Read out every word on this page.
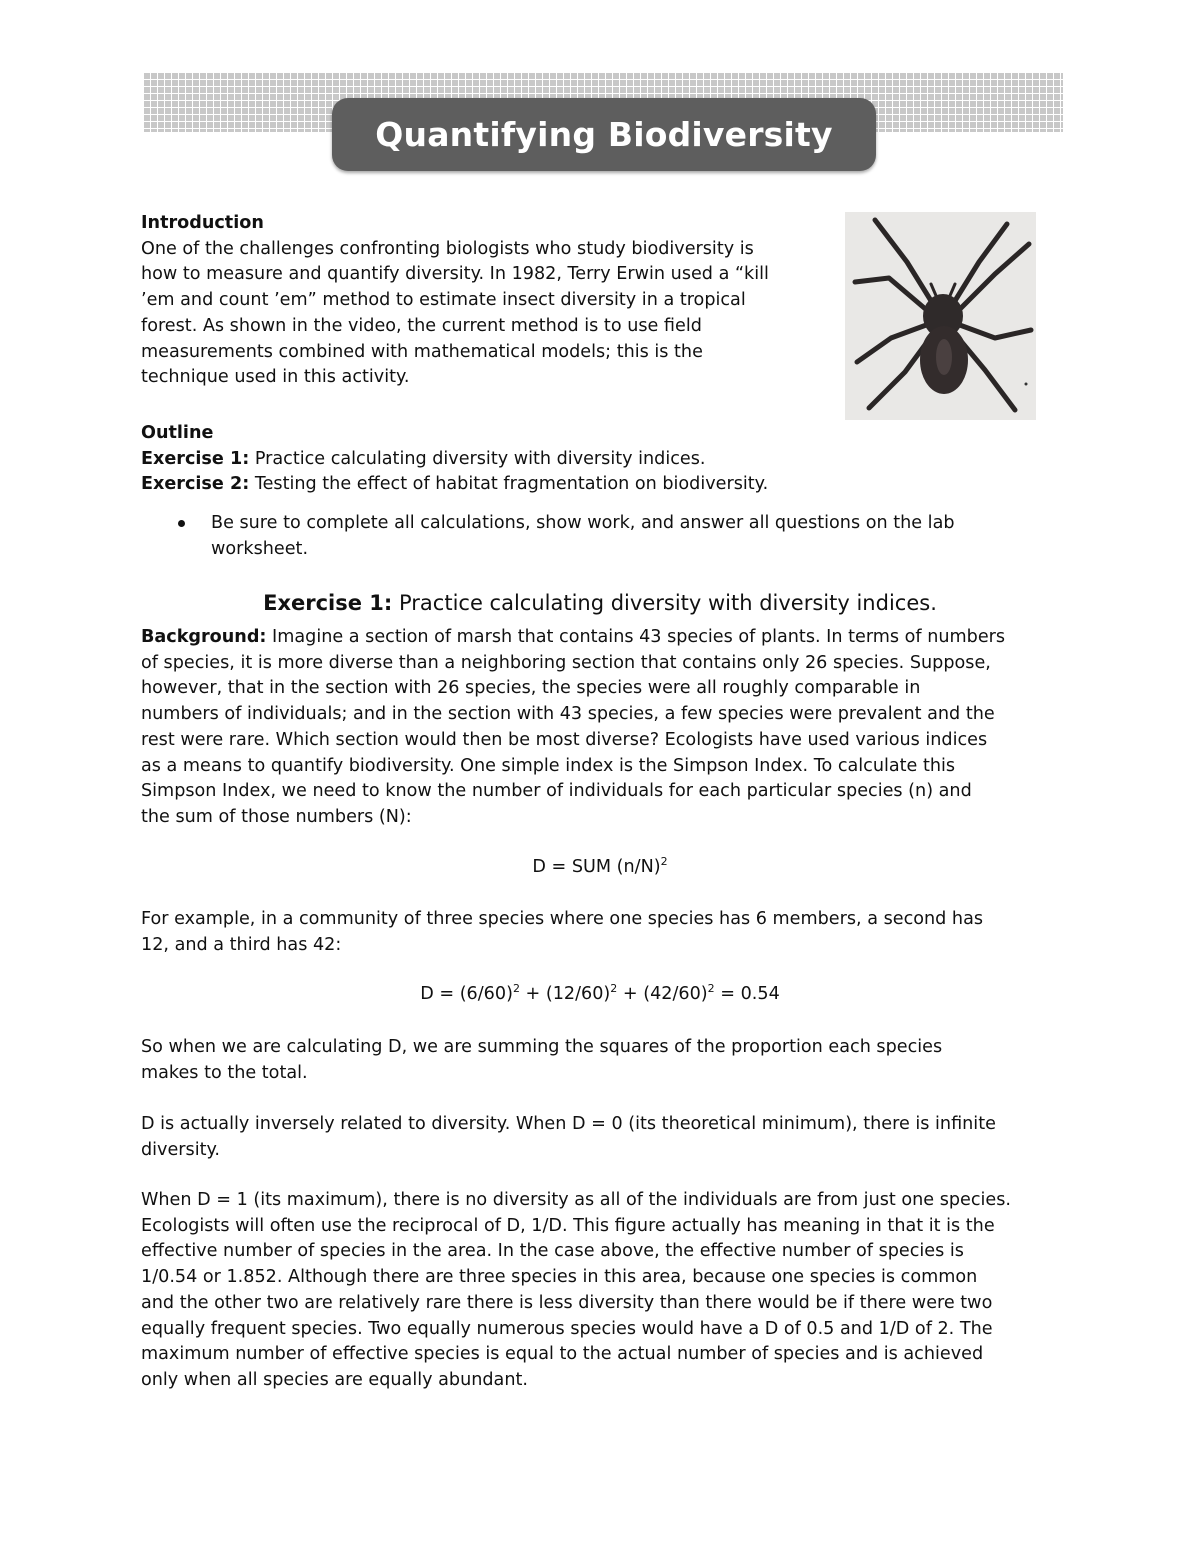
Quantifying Biodiversity
Introduction
One of the challenges confronting biologists who study biodiversity is
how to measure and quantify diversity. In 1982, Terry Erwin used a “kill
’em and count ’em” method to estimate insect diversity in a tropical
forest. As shown in the video, the current method is to use field
measurements combined with mathematical models; this is the
technique used in this activity.
Outline
Exercise 1: Practice calculating diversity with diversity indices.
Exercise 2: Testing the effect of habitat fragmentation on biodiversity.
Be sure to complete all calculations, show work, and answer all questions on the lab
worksheet.
Exercise 1: Practice calculating diversity with diversity indices.
Background: Imagine a section of marsh that contains 43 species of plants. In terms of numbers
of species, it is more diverse than a neighboring section that contains only 26 species. Suppose,
however, that in the section with 26 species, the species were all roughly comparable in
numbers of individuals; and in the section with 43 species, a few species were prevalent and the
rest were rare. Which section would then be most diverse? Ecologists have used various indices
as a means to quantify biodiversity. One simple index is the Simpson Index. To calculate this
Simpson Index, we need to know the number of individuals for each particular species (n) and
the sum of those numbers (N):
D = SUM $(n/N)^2$
For example, in a community of three species where one species has 6 members, a second has
12, and a third has 42:
$D = (6/60)^2 + (12/60)^2 + (42/60)^2 = 0.54$
So when we are calculating D, we are summing the squares of the proportion each species
makes to the total.
D is actually inversely related to diversity. When D = 0 (its theoretical minimum), there is infinite
diversity.
When D = 1 (its maximum), there is no diversity as all of the individuals are from just one species.
Ecologists will often use the reciprocal of D, 1/D. This figure actually has meaning in that it is the
effective number of species in the area. In the case above, the effective number of species is
1/0.54 or 1.852. Although there are three species in this area, because one species is common
and the other two are relatively rare there is less diversity than there would be if there were two
equally frequent species. Two equally numerous species would have a D of 0.5 and 1/D of 2. The
maximum number of effective species is equal to the actual number of species and is achieved
only when all species are equally abundant.
